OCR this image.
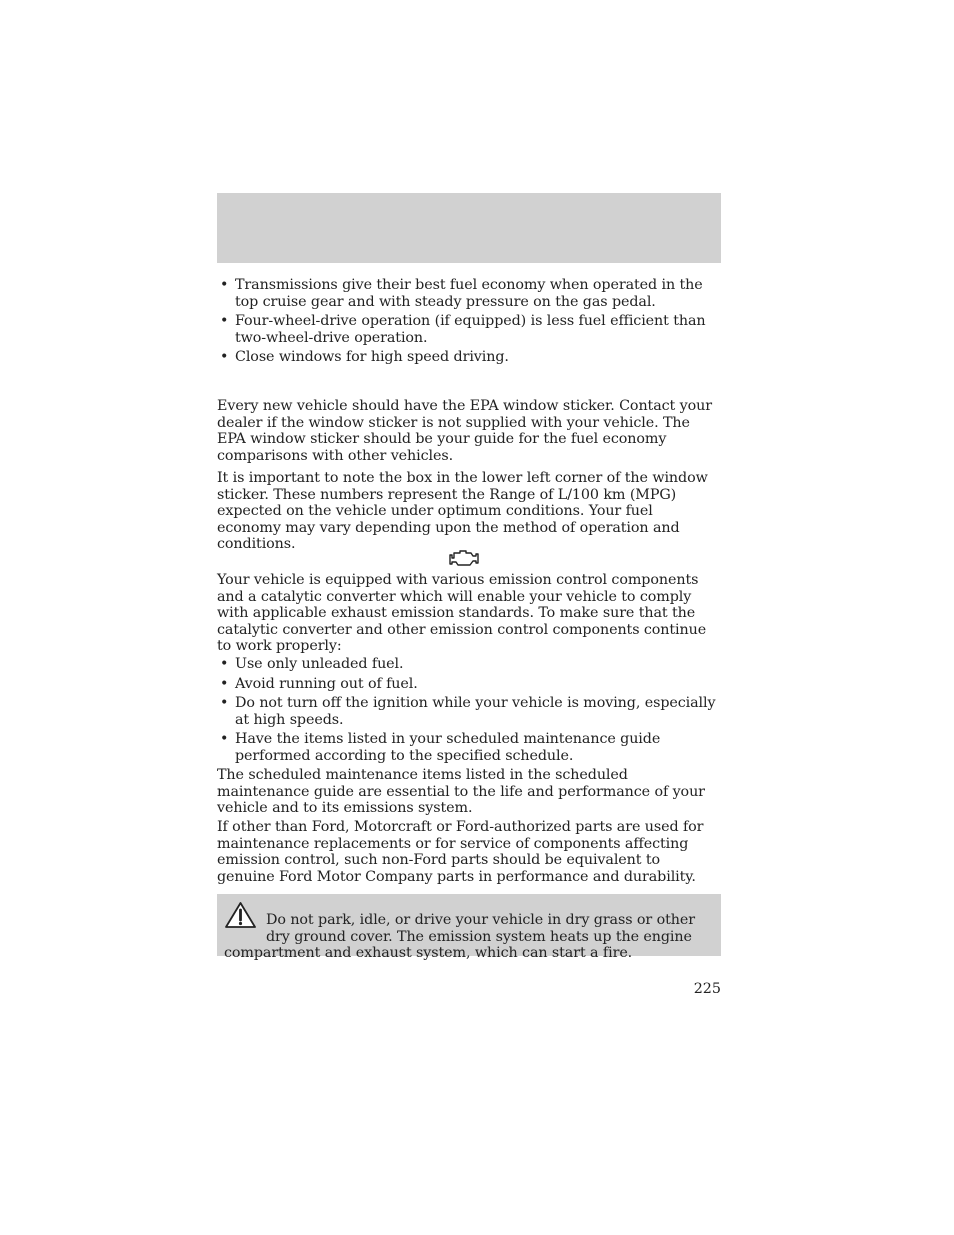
• Transmissions give their best fuel economy when operated in the top cruise gear and with steady pressure on the gas pedal.
• Four-wheel-drive operation (if equipped) is less fuel efficient than two-wheel-drive operation.
• Close windows for high speed driving.

Every new vehicle should have the EPA window sticker. Contact your dealer if the window sticker is not supplied with your vehicle. The EPA window sticker should be your guide for the fuel economy comparisons with other vehicles.

It is important to note the box in the lower left corner of the window sticker. These numbers represent the Range of L/100 km (MPG) expected on the vehicle under optimum conditions. Your fuel economy may vary depending upon the method of operation and conditions.

Your vehicle is equipped with various emission control components and a catalytic converter which will enable your vehicle to comply with applicable exhaust emission standards. To make sure that the catalytic converter and other emission control components continue to work properly:

• Use only unleaded fuel.
• Avoid running out of fuel.
• Do not turn off the ignition while your vehicle is moving, especially at high speeds.
• Have the items listed in your scheduled maintenance guide performed according to the specified schedule.

The scheduled maintenance items listed in the scheduled maintenance guide are essential to the life and performance of your vehicle and to its emissions system.

If other than Ford, Motorcraft or Ford-authorized parts are used for maintenance replacements or for service of components affecting emission control, such non-Ford parts should be equivalent to genuine Ford Motor Company parts in performance and durability.

Do not park, idle, or drive your vehicle in dry grass or other dry ground cover. The emission system heats up the engine compartment and exhaust system, which can start a fire.

225
